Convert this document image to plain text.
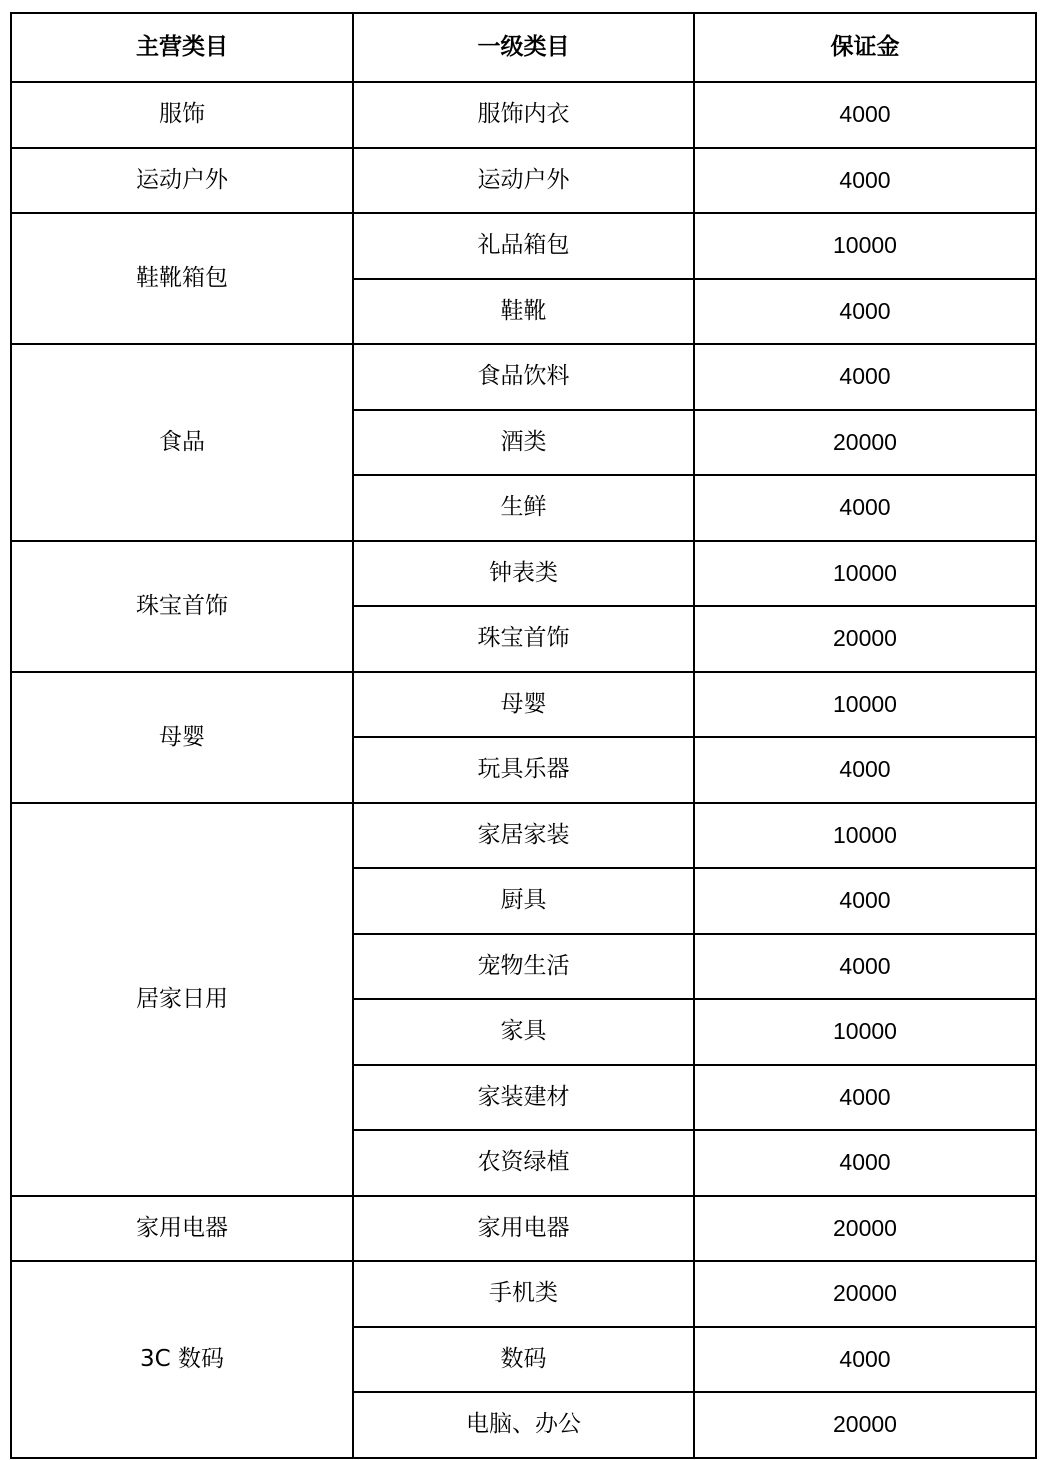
主营类目	一级类目	保证金
服饰	服饰内衣	4000
运动户外	运动户外	4000
鞋靴箱包	礼品箱包	10000
	鞋靴	4000
食品	食品饮料	4000
	酒类	20000
	生鲜	4000
珠宝首饰	钟表类	10000
	珠宝首饰	20000
母婴	母婴	10000
	玩具乐器	4000
居家日用	家居家装	10000
	厨具	4000
	宠物生活	4000
	家具	10000
	家装建材	4000
	农资绿植	4000
家用电器	家用电器	20000
3C 数码	手机类	20000
	数码	4000
	电脑、办公	20000
